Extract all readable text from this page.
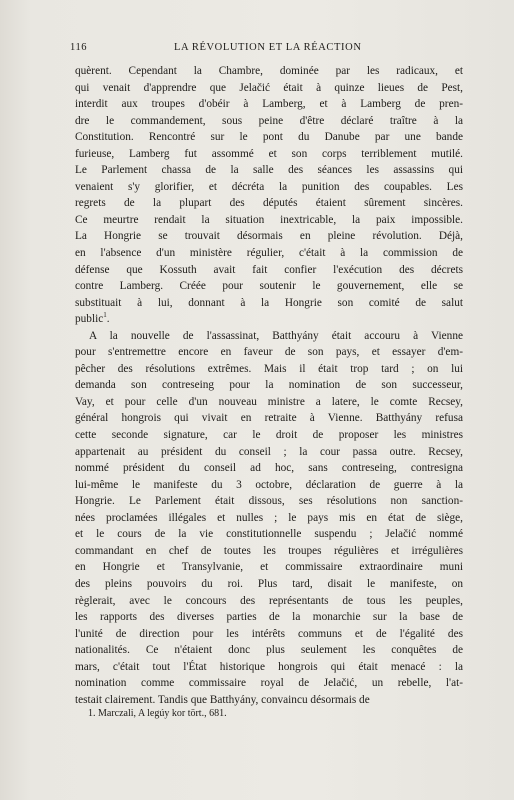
116	LA RÉVOLUTION ET LA RÉACTION
quèrent. Cependant la Chambre, dominée par les radicaux, et
qui venait d'apprendre que Jelačić était à quinze lieues de Pest,
interdit aux troupes d'obéir à Lamberg, et à Lamberg de pren-
dre le commandement, sous peine d'être déclaré traître à la
Constitution. Rencontré sur le pont du Danube par une bande
furieuse, Lamberg fut assommé et son corps terriblement mutilé.
Le Parlement chassa de la salle des séances les assassins qui
venaient s'y glorifier, et décréta la punition des coupables. Les
regrets de la plupart des députés étaient sûrement sincères.
Ce meurtre rendait la situation inextricable, la paix impossible.
La Hongrie se trouvait désormais en pleine révolution. Déjà,
en l'absence d'un ministère régulier, c'était à la commission de
défense que Kossuth avait fait confier l'exécution des décrets
contre Lamberg. Créée pour soutenir le gouvernement, elle se
substituait à lui, donnant à la Hongrie son comité de salut
public$^1$.
A la nouvelle de l'assassinat, Batthyány était accouru à Vienne
pour s'entremettre encore en faveur de son pays, et essayer d'em-
pêcher des résolutions extrêmes. Mais il était trop tard ; on lui
demanda son contreseing pour la nomination de son successeur,
Vay, et pour celle d'un nouveau ministre a latere, le comte Recsey,
général hongrois qui vivait en retraite à Vienne. Batthyány refusa
cette seconde signature, car le droit de proposer les ministres
appartenait au président du conseil ; la cour passa outre. Recsey,
nommé président du conseil ad hoc, sans contreseing, contresigna
lui-même le manifeste du 3 octobre, déclaration de guerre à la
Hongrie. Le Parlement était dissous, ses résolutions non sanction-
nées proclamées illégales et nulles ; le pays mis en état de siège,
et le cours de la vie constitutionnelle suspendu ; Jelačić nommé
commandant en chef de toutes les troupes régulières et irrégulières
en Hongrie et Transylvanie, et commissaire extraordinaire muni
des pleins pouvoirs du roi. Plus tard, disait le manifeste, on
règlerait, avec le concours des représentants de tous les peuples,
les rapports des diverses parties de la monarchie sur la base de
l'unité de direction pour les intérêts communs et de l'égalité des
nationalités. Ce n'étaient donc plus seulement les conquêtes de
mars, c'était tout l'État historique hongrois qui était menacé : la
nomination comme commissaire royal de Jelačić, un rebelle, l'at-
testait clairement. Tandis que Batthyány, convaincu désormais de
1. Marczali, A legúy kor tört., 681.
